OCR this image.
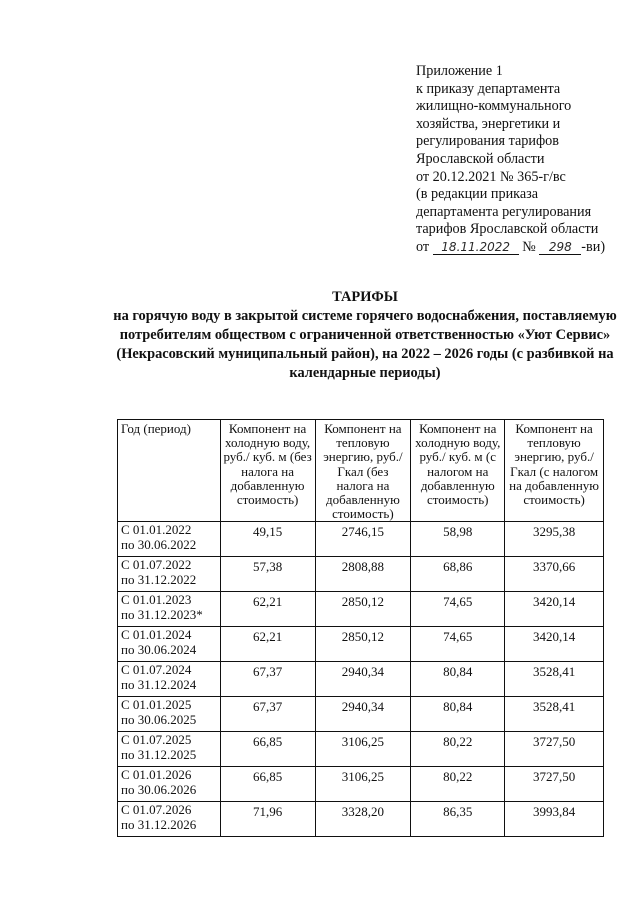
Приложение 1
к приказу департамента
жилищно-коммунального
хозяйства, энергетики и
регулирования тарифов
Ярославской области
от 20.12.2021 № 365-г/вс
(в редакции приказа
департамента регулирования
тарифов Ярославской области
от 18.11.2022 № 298 -ви)
ТАРИФЫ
на горячую воду в закрытой системе горячего водоснабжения, поставляемую потребителям обществом с ограниченной ответственностью «Уют Сервис» (Некрасовский муниципальный район), на 2022 – 2026 годы (с разбивкой на календарные периоды)
Год (период)	Компонент на холодную воду, руб./ куб. м (без налога на добавленную стоимость)	Компонент на тепловую энергию, руб./Гкал (без налога на добавленную стоимость)	Компонент на холодную воду, руб./ куб. м (с налогом на добавленную стоимость)	Компонент на тепловую энергию, руб./Гкал (с налогом на добавленную стоимость)
С 01.01.2022
по 30.06.2022	49,15	2746,15	58,98	3295,38
С 01.07.2022
по 31.12.2022	57,38	2808,88	68,86	3370,66
С 01.01.2023
по 31.12.2023*	62,21	2850,12	74,65	3420,14
С 01.01.2024
по 30.06.2024	62,21	2850,12	74,65	3420,14
С 01.07.2024
по 31.12.2024	67,37	2940,34	80,84	3528,41
С 01.01.2025
по 30.06.2025	67,37	2940,34	80,84	3528,41
С 01.07.2025
по 31.12.2025	66,85	3106,25	80,22	3727,50
С 01.01.2026
по 30.06.2026	66,85	3106,25	80,22	3727,50
С 01.07.2026
по 31.12.2026	71,96	3328,20	86,35	3993,84
